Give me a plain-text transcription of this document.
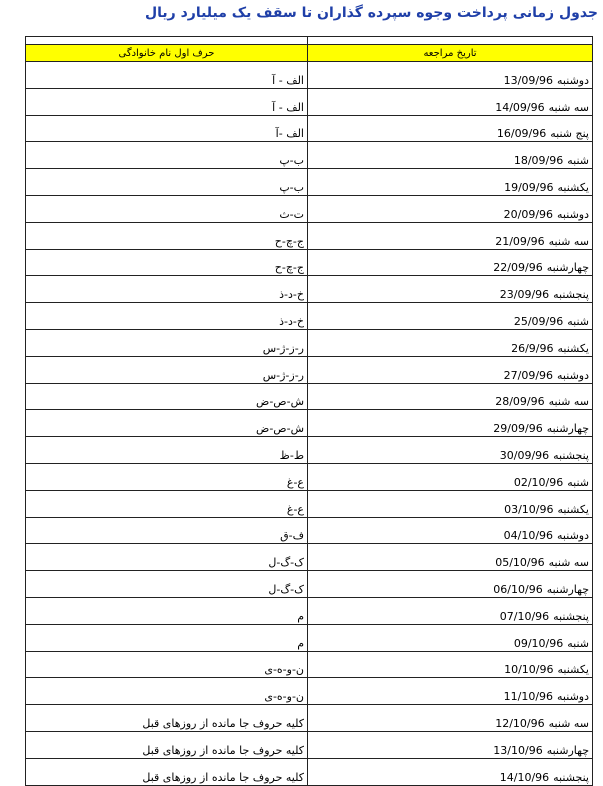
جدول زمانی پرداخت وجوه سپرده گذاران تا سقف یک میلیارد ریال

تاریخ مراجعه	حرف اول نام خانوادگی
دوشنبه13/09/96	الف - آ
سه شنبه14/09/96	الف - آ
پنج شنبه16/09/96	الف -آ
شنبه18/09/96	ب-پ
یکشنبه19/09/96	ب-پ
دوشنبه20/09/96	ت-ث
سه شنبه21/09/96	ج-چ-ح
چهارشنبه22/09/96	ج-چ-ح
پنجشنبه23/09/96	خ-د-ذ
شنبه25/09/96	خ-د-ذ
یکشنبه26/9/96	ر-ز-ژ-س
دوشنبه27/09/96	ر-ز-ژ-س
سه شنبه28/09/96	ش-ص-ض
چهارشنبه29/09/96	ش-ص-ض
پنجشنبه30/09/96	ط-ظ
شنبه02/10/96	ع-غ
یکشنبه03/10/96	ع-غ
دوشنبه04/10/96	ف-ق
سه شنبه05/10/96	ک-گ-ل
چهارشنبه06/10/96	ک-گ-ل
پنجشنبه07/10/96	م
شنبه09/10/96	م
یکشنبه10/10/96	ن-و-ه-ی
دوشنبه11/10/96	ن-و-ه-ی
سه شنبه12/10/96	کلیه حروف جا مانده از روزهای قبل
چهارشنبه13/10/96	کلیه حروف جا مانده از روزهای قبل
پنجشنبه14/10/96	کلیه حروف جا مانده از روزهای قبل
